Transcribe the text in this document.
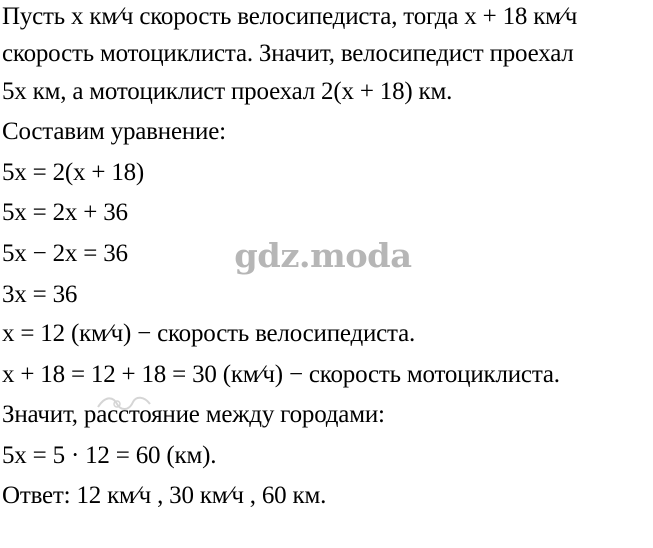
Пусть x км⁄ч скорость велосипедиста, тогда x + 18 км⁄ч
скорость мотоциклиста. Значит, велосипедист проехал
5x км, а мотоциклист проехал 2(x + 18) км.
Составим уравнение:
5x = 2(x + 18)
5x = 2x + 36
5x − 2x = 36
3x = 36
x = 12 (км⁄ч) − скорость велосипедиста.
x + 18 = 12 + 18 = 30 (км⁄ч) − скорость мотоциклиста.
Значит, расстояние между городами:
5x = 5 · 12 = 60 (км).
Ответ: 12 км⁄ч , 30 км⁄ч , 60 км.
gdz.moda
